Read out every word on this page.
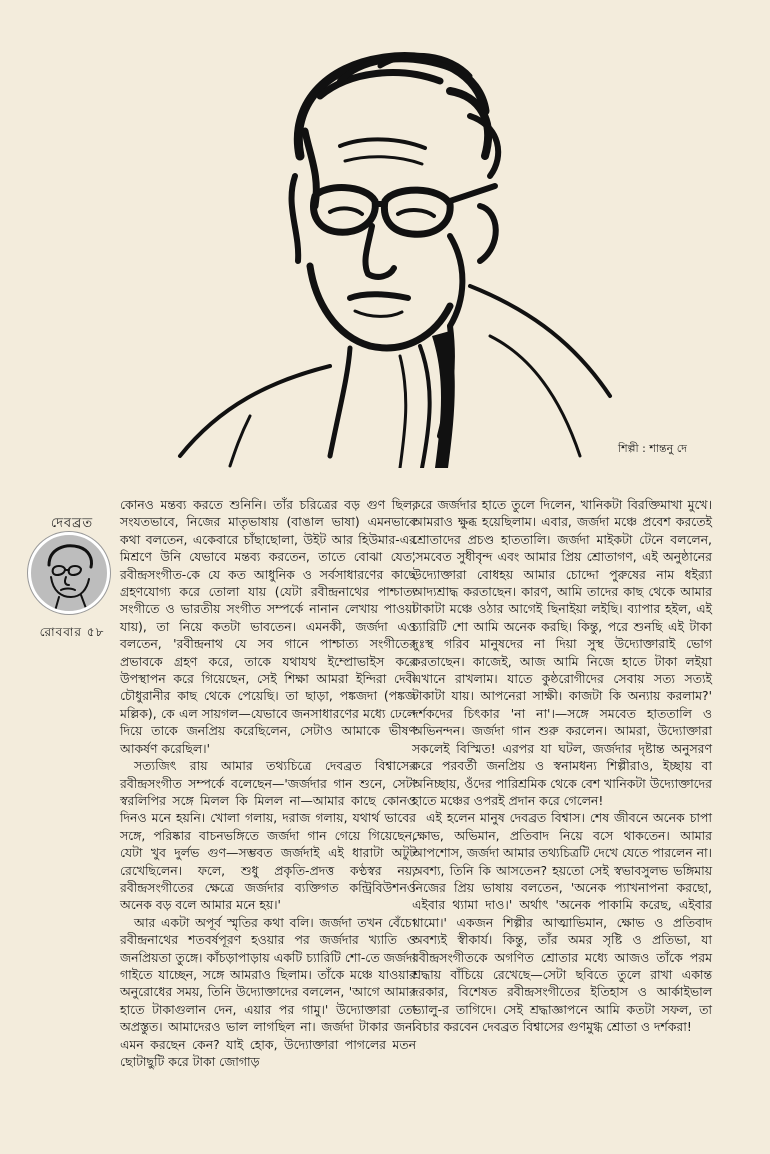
শিল্পী : শান্তনু দে
দেবব্রত
রোববার ৫৮

কোনও মন্তব্য করতে শুনিনি। তাঁর চরিত্রের বড় গুণ ছিল, সংযতভাবে, নিজের মাতৃভাষায় (বাঙাল ভাষা) এমনভাবে কথা বলতেন, একেবারে চাঁছাছোলা, উইট আর হিউমার-এর মিশ্রণে উনি যেভাবে মন্তব্য করতেন, তাতে বোঝা যেত, রবীন্দ্রসংগীত-কে যে কত আধুনিক ও সর্বসাধারণের কাছে গ্রহণযোগ্য করে তোলা যায় (যেটা রবীন্দ্রনাথের পাশ্চাত্য সংগীতে ও ভারতীয় সংগীত সম্পর্কে নানান লেখায় পাওয়া যায়), তা নিয়ে কতটা ভাবতেন। এমনকী, জর্জদা এও বলতেন, 'রবীন্দ্রনাথ যে সব গানে পাশ্চাত্য সংগীতের প্রভাবকে গ্রহণ করে, তাকে যথাযথ ইম্প্রোভাইস করে উপস্থাপন করে গিয়েছেন, সেই শিক্ষা আমরা ইন্দিরা দেবী চৌধুরানীর কাছ থেকে পেয়েছি। তা ছাড়া, পঙ্কজদা (পঙ্কজ মল্লিক), কে এল সায়গল—যেভাবে জনসাধারণের মধ্যে ঢেলে দিয়ে তাকে জনপ্রিয় করেছিলেন, সেটাও আমাকে ভীষণ আকর্ষণ করেছিল।'

সত্যজিৎ রায় আমার তথ্যচিত্রে দেবব্রত বিশ্বাসের রবীন্দ্রসংগীত সম্পর্কে বলেছেন—'জর্জদার গান শুনে, সেটা স্বরলিপির সঙ্গে মিলল কি মিলল না—আমার কাছে কোনও দিনও মনে হয়নি। খোলা গলায়, দরাজ গলায়, যথার্থ ভাবের সঙ্গে, পরিষ্কার বাচনভঙ্গিতে জর্জদা গান গেয়ে গিয়েছেন, যেটা খুব দুর্লভ গুণ—সম্ভবত জর্জদাই এই ধারাটা অটুট রেখেছিলেন। ফলে, শুধু প্রকৃতি-প্রদত্ত কণ্ঠস্বর নয়, রবীন্দ্রসংগীতের ক্ষেত্রে জর্জদার ব্যক্তিগত কন্ট্রিবিউশনও অনেক বড় বলে আমার মনে হয়।'

আর একটা অপূর্ব স্মৃতির কথা বলি। জর্জদা তখন বেঁচে। রবীন্দ্রনাথের শতবর্ষপূরণ হওয়ার পর জর্জদার খ্যাতি ও জনপ্রিয়তা তুঙ্গে। কাঁচড়াপাড়ায় একটি চ্যারিটি শো-তে জর্জদা গাইতে যাচ্ছেন, সঙ্গে আমরাও ছিলাম। তাঁকে মঞ্চে যাওয়ার অনুরোধের সময়, তিনি উদ্যোক্তাদের বললেন, 'আগে আমার হাতে টাকাগুলান দেন, এয়ার পর গামু।' উদ্যোক্তারা তো অপ্রস্তুত। আমাদেরও ভাল লাগছিল না। জর্জদা টাকার জন্য এমন করছেন কেন? যাই হোক, উদ্যোক্তারা পাগলের মতন ছোটাছুটি করে টাকা জোগাড়

করে জর্জদার হাতে তুলে দিলেন, খানিকটা বিরক্তিমাখা মুখে। আমরাও ক্ষুব্ধ হয়েছিলাম। এবার, জর্জদা মঞ্চে প্রবেশ করতেই শ্রোতাদের প্রচণ্ড হাততালি। জর্জদা মাইকটা টেনে বললেন, 'সমবেত সুধীবৃন্দ এবং আমার প্রিয় শ্রোতাগণ, এই অনুষ্ঠানের উদ্যোক্তারা বোধহয় আমার চোদ্দো পুরুষের নাম ধইর‍্যা আদ্যশ্রাদ্ধ করতাছেন। কারণ, আমি তাদের কাছ থেকে আমার টাকাটা মঞ্চে ওঠার আগেই ছিনাইয়া লইছি। ব্যাপার হইল, এই চ্যারিটি শো আমি অনেক করছি। কিন্তু, পরে শুনছি এই টাকা দুঃস্থ গরিব মানুষদের না দিয়া সুস্থ উদ্যোক্তারাই ভোগ করতাছেন। কাজেই, আজ আমি নিজে হাতে টাকা লইয়া এখানে রাখলাম। যাতে কুষ্ঠরোগীদের সেবায় সত্য সত্যই টাকাটা যায়। আপনেরা সাক্ষী। কাজটা কি অন্যায় করলাম?' দর্শকদের চিৎকার 'না না'।—সঙ্গে সমবেত হাততালি ও অভিনন্দন। জর্জদা গান শুরু করলেন। আমরা, উদ্যোক্তারা সকলেই বিস্মিত! এরপর যা ঘটল, জর্জদার দৃষ্টান্ত অনুসরণ করে পরবর্তী জনপ্রিয় ও স্বনামধন্য শিল্পীরাও, ইচ্ছায় বা অনিচ্ছায়, ওঁদের পারিশ্রমিক থেকে বেশ খানিকটা উদ্যোক্তাদের হাতে মঞ্চের ওপরই প্রদান করে গেলেন!

এই হলেন মানুষ দেবব্রত বিশ্বাস। শেষ জীবনে অনেক চাপা ক্ষোভ, অভিমান, প্রতিবাদ নিয়ে বসে থাকতেন। আমার আপশোস, জর্জদা আমার তথ্যচিত্রটি দেখে যেতে পারলেন না। অবশ্য, তিনি কি আসতেন? হয়তো সেই স্বভাবসুলভ ভঙ্গিমায় নিজের প্রিয় ভাষায় বলতেন, 'অনেক প্যাখনাপনা করছো, এইবার থ্যামা দাও।' অর্থাৎ 'অনেক পাকামি করেছ, এইবার থামো।' একজন শিল্পীর আত্মাভিমান, ক্ষোভ ও প্রতিবাদ অবশ্যই স্বীকার্য। কিন্তু, তাঁর অমর সৃষ্টি ও প্রতিভা, যা রবীন্দ্রসংগীতকে অগণিত শ্রোতার মধ্যে আজও তাঁকে পরম শ্রদ্ধায় বাঁচিয়ে রেখেছে—সেটা ছবিতে তুলে রাখা একান্ত দরকার, বিশেষত রবীন্দ্রসংগীতের ইতিহাস ও আর্কাইভাল ভ্যালু-র তাগিদে। সেই শ্রদ্ধাজ্ঞাপনে আমি কতটা সফল, তা বিচার করবেন দেবব্রত বিশ্বাসের গুণমুগ্ধ শ্রোতা ও দর্শকরা!
